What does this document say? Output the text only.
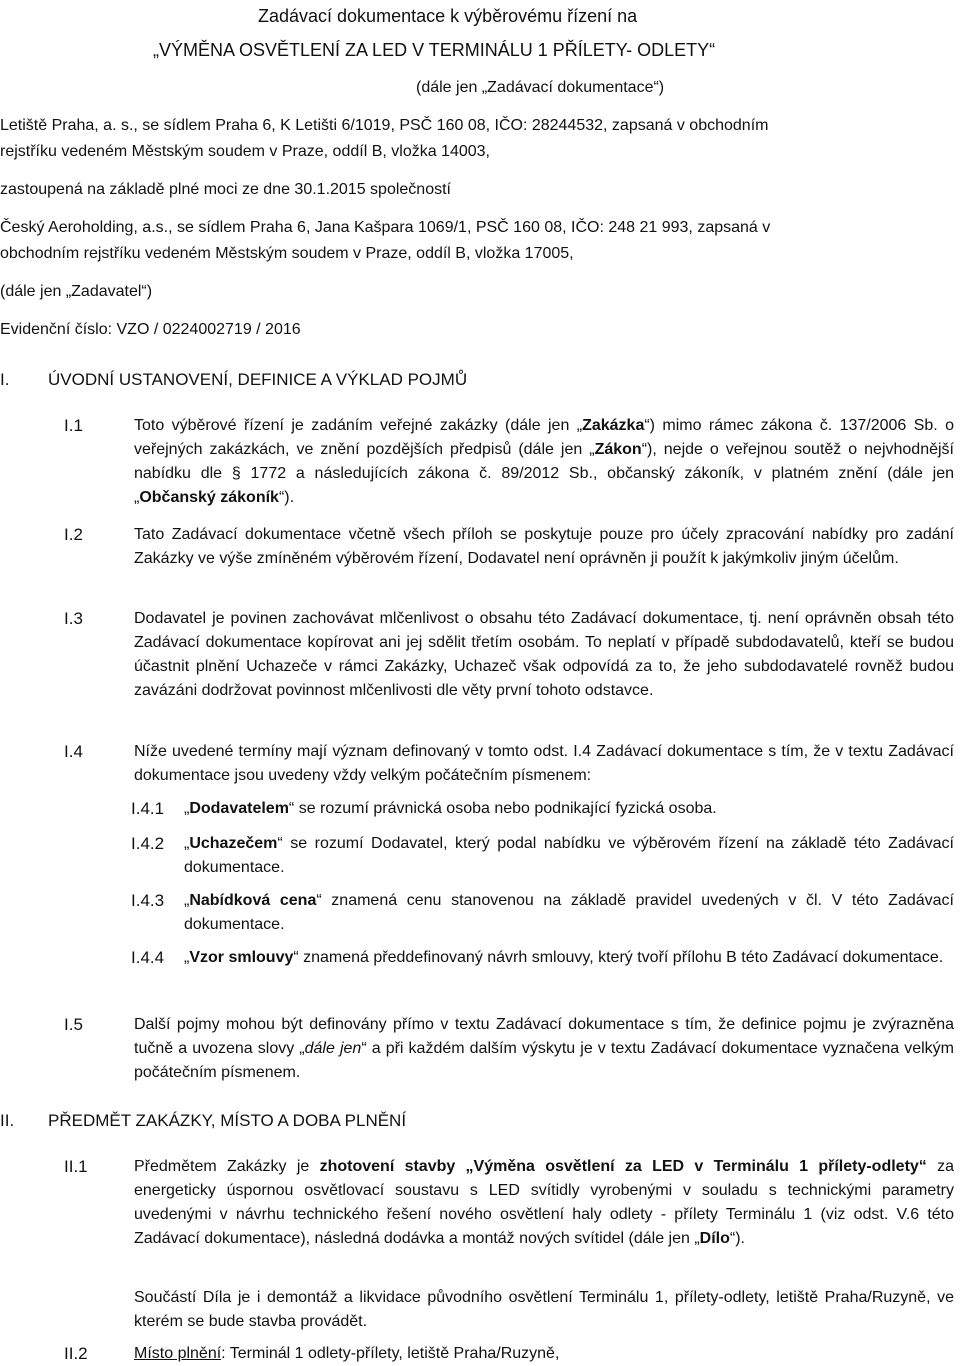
Zadávací dokumentace k výběrovému řízení na
„VÝMĚNA OSVĚTLENÍ ZA LED V TERMINÁLU 1 PŘÍLETY- ODLETY“
(dále jen „Zadávací dokumentace“)
Letiště Praha, a. s., se sídlem Praha 6, K Letišti 6/1019, PSČ 160 08, IČO: 28244532, zapsaná v obchodním
rejstříku vedeném Městským soudem v Praze, oddíl B, vložka 14003,
zastoupená na základě plné moci ze dne 30.1.2015 společností
Český Aeroholding, a.s., se sídlem Praha 6, Jana Kašpara 1069/1, PSČ 160 08, IČO: 248 21 993, zapsaná v
obchodním rejstříku vedeném Městským soudem v Praze, oddíl B, vložka 17005,
(dále jen „Zadavatel“)
Evidenční číslo: VZO / 0224002719 / 2016
I. ÚVODNÍ USTANOVENÍ, DEFINICE A VÝKLAD POJMŮ
I.1	Toto výběrové řízení je zadáním veřejné zakázky (dále jen „Zakázka“) mimo rámec zákona č. 137/2006 Sb. o veřejných zakázkách, ve znění pozdějších předpisů (dále jen „Zákon“), nejde o veřejnou soutěž o nejvhodnější nabídku dle § 1772 a následujících zákona č. 89/2012 Sb., občanský zákoník, v platném znění (dále jen „Občanský zákoník“).
I.2	Tato Zadávací dokumentace včetně všech příloh se poskytuje pouze pro účely zpracování nabídky pro zadání Zakázky ve výše zmíněném výběrovém řízení, Dodavatel není oprávněn ji použít k jakýmkoliv jiným účelům.
I.3	Dodavatel je povinen zachovávat mlčenlivost o obsahu této Zadávací dokumentace, tj. není oprávněn obsah této Zadávací dokumentace kopírovat ani jej sdělit třetím osobám. To neplatí v případě subdodavatelů, kteří se budou účastnit plnění Uchazeče v rámci Zakázky, Uchazeč však odpovídá za to, že jeho subdodavatelé rovněž budou zavázáni dodržovat povinnost mlčenlivosti dle věty první tohoto odstavce.
I.4	Níže uvedené termíny mají význam definovaný v tomto odst. I.4 Zadávací dokumentace s tím, že v textu Zadávací dokumentace jsou uvedeny vždy velkým počátečním písmenem:
I.4.1 „Dodavatelem“ se rozumí právnická osoba nebo podnikající fyzická osoba.
I.4.2 „Uchazečem“ se rozumí Dodavatel, který podal nabídku ve výběrovém řízení na základě této Zadávací dokumentace.
I.4.3 „Nabídková cena“ znamená cenu stanovenou na základě pravidel uvedených v čl. V této Zadávací dokumentace.
I.4.4 „Vzor smlouvy“ znamená předdefinovaný návrh smlouvy, který tvoří přílohu B této Zadávací dokumentace.
I.5	Další pojmy mohou být definovány přímo v textu Zadávací dokumentace s tím, že definice pojmu je zvýrazněna tučně a uvozena slovy „dále jen“ a při každém dalším výskytu je v textu Zadávací dokumentace vyznačena velkým počátečním písmenem.
II. PŘEDMĚT ZAKÁZKY, MÍSTO A DOBA PLNĚNÍ
II.1	Předmětem Zakázky je zhotovení stavby „Výměna osvětlení za LED v Terminálu 1 přílety-odlety“ za energeticky úspornou osvětlovací soustavu s LED svítidly vyrobenými v souladu s technickými parametry uvedenými v návrhu technického řešení nového osvětlení haly odlety - přílety Terminálu 1 (viz odst. V.6 této Zadávací dokumentace), následná dodávka a montáž nových svítidel (dále jen „Dílo“).
Součástí Díla je i demontáž a likvidace původního osvětlení Terminálu 1, přílety-odlety, letiště Praha/Ruzyně, ve kterém se bude stavba provádět.
II.2	Místo plnění: Terminál 1 odlety-přílety, letiště Praha/Ruzyně,
